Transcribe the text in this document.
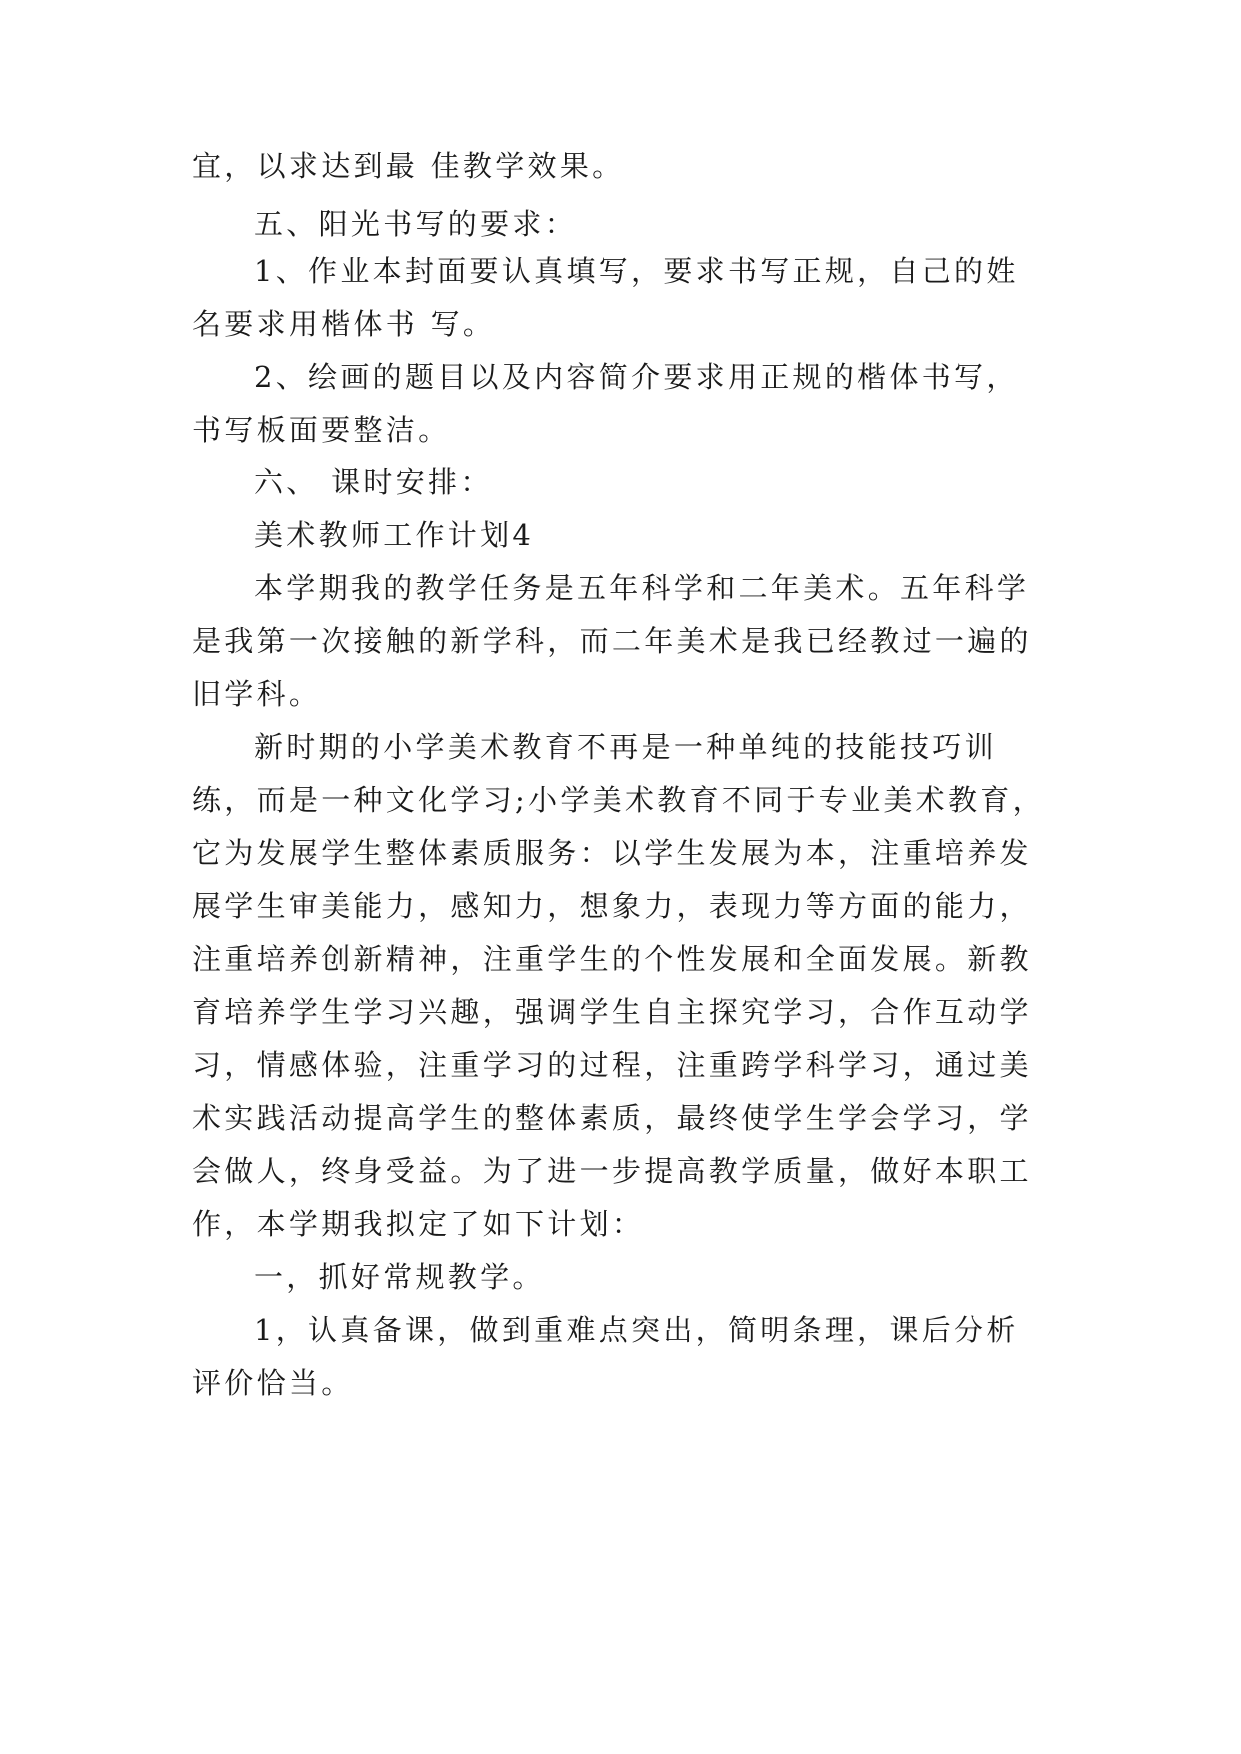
宜，以求达到最 佳教学效果。
五、阳光书写的要求：
1、作业本封面要认真填写，要求书写正规，自己的姓
名要求用楷体书 写。
2、绘画的题目以及内容简介要求用正规的楷体书写，
书写板面要整洁。
六、 课时安排：
美术教师工作计划4
本学期我的教学任务是五年科学和二年美术。五年科学
是我第一次接触的新学科，而二年美术是我已经教过一遍的
旧学科。
新时期的小学美术教育不再是一种单纯的技能技巧训
练，而是一种文化学习;小学美术教育不同于专业美术教育，
它为发展学生整体素质服务：以学生发展为本，注重培养发
展学生审美能力，感知力，想象力，表现力等方面的能力，
注重培养创新精神，注重学生的个性发展和全面发展。新教
育培养学生学习兴趣，强调学生自主探究学习，合作互动学
习，情感体验，注重学习的过程，注重跨学科学习，通过美
术实践活动提高学生的整体素质，最终使学生学会学习，学
会做人，终身受益。为了进一步提高教学质量，做好本职工
作，本学期我拟定了如下计划：
一，抓好常规教学。
1，认真备课，做到重难点突出，简明条理，课后分析
评价恰当。
